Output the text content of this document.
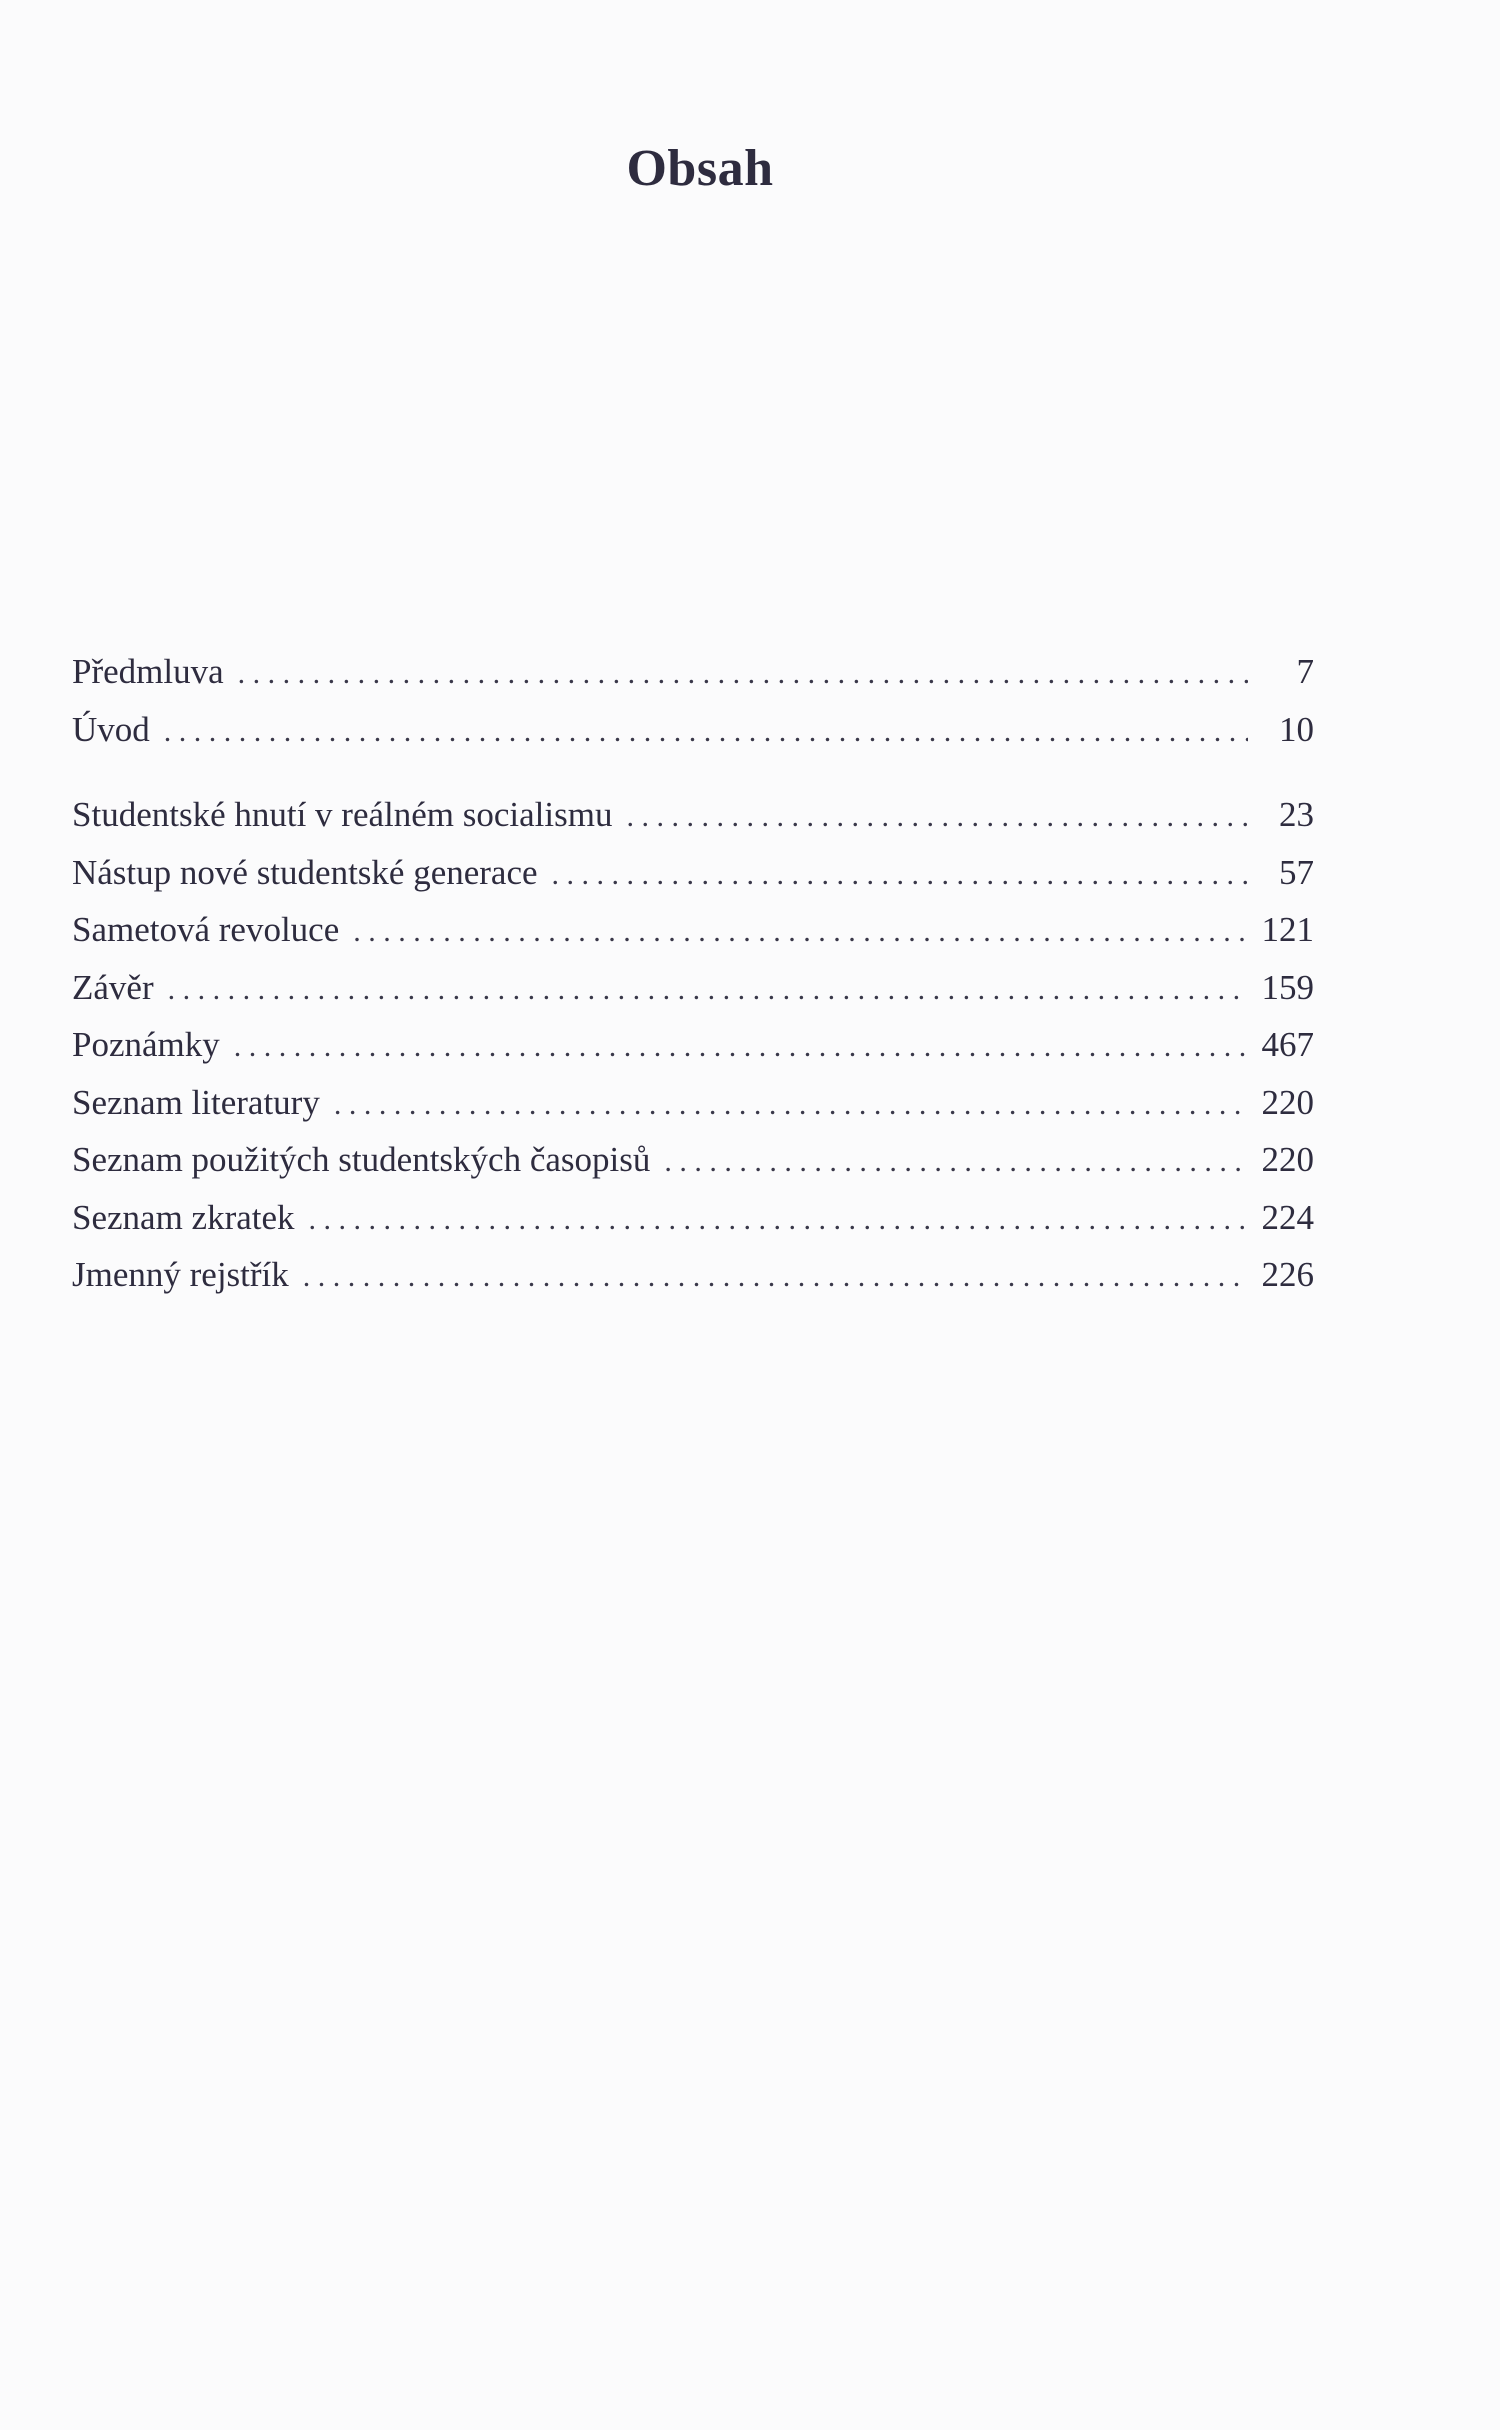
Obsah
Předmluva . . .	7
Úvod . . .	10
Studentské hnutí v reálném socialismu . . .	23
Nástup nové studentské generace . . .	57
Sametová revoluce . . .	121
Závěr . . .	159
Poznámky . . .	467
Seznam literatury . . .	220
Seznam použitých studentských časopisů . . .	220
Seznam zkratek . . .	224
Jmenný rejstřík . . .	226
